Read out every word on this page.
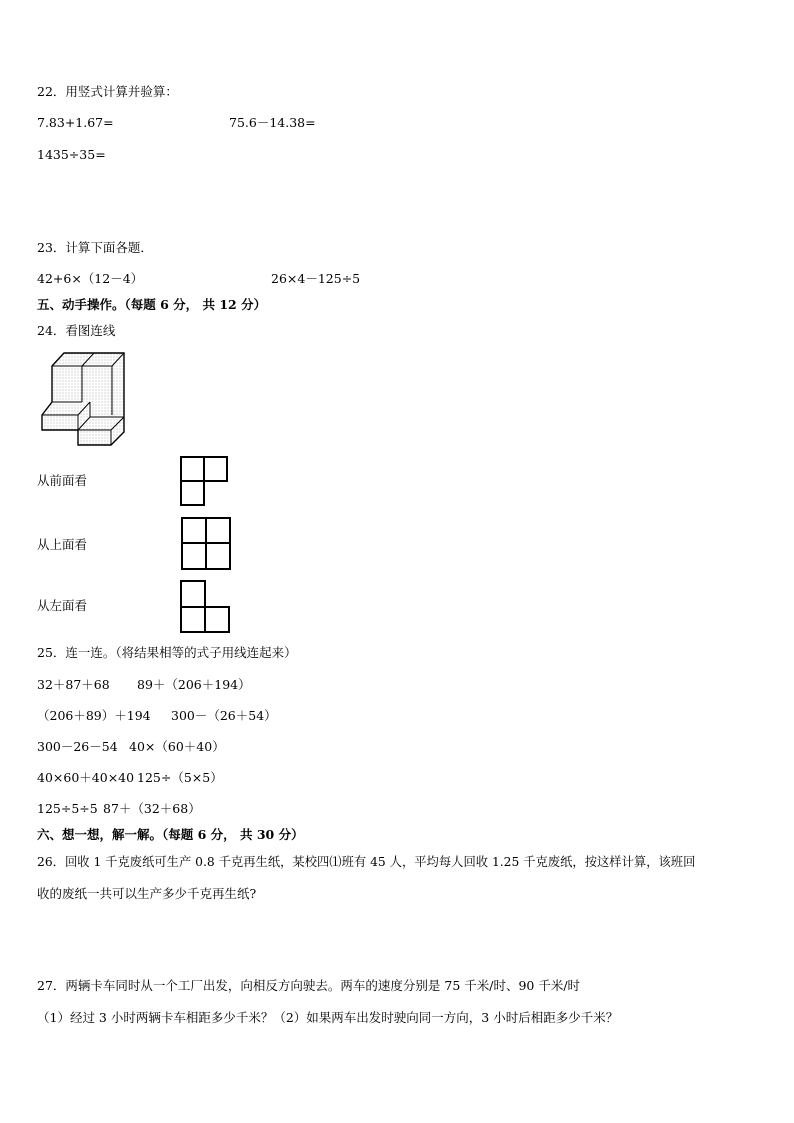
22．用竖式计算并验算：
7.83+1.67=	75.6－14.38=
1435÷35=
23．计算下面各题．
42+6×（12－4）	26×4－125÷5
五、动手操作。（每题 6 分， 共 12 分）
24．看图连线
从前面看
从上面看
从左面看
25．连一连。（将结果相等的式子用线连起来）
32＋87＋68 89＋（206＋194）
（206＋89）＋194 300－（26＋54）
300－26－54 40×（60＋40）
40×60＋40×40 125÷（5×5）
125÷5÷5 87＋（32＋68）
六、想一想，解一解。（每题 6 分， 共 30 分）
26．回收 1 千克废纸可生产 0.8 千克再生纸，某校四⑴班有 45 人，平均每人回收 1.25 千克废纸，按这样计算，该班回
收的废纸一共可以生产多少千克再生纸?
27．两辆卡车同时从一个工厂出发，向相反方向驶去。两车的速度分别是 75 千米/时、90 千米/时
（1）经过 3 小时两辆卡车相距多少千米？（2）如果两车出发时驶向同一方向，3 小时后相距多少千米？
